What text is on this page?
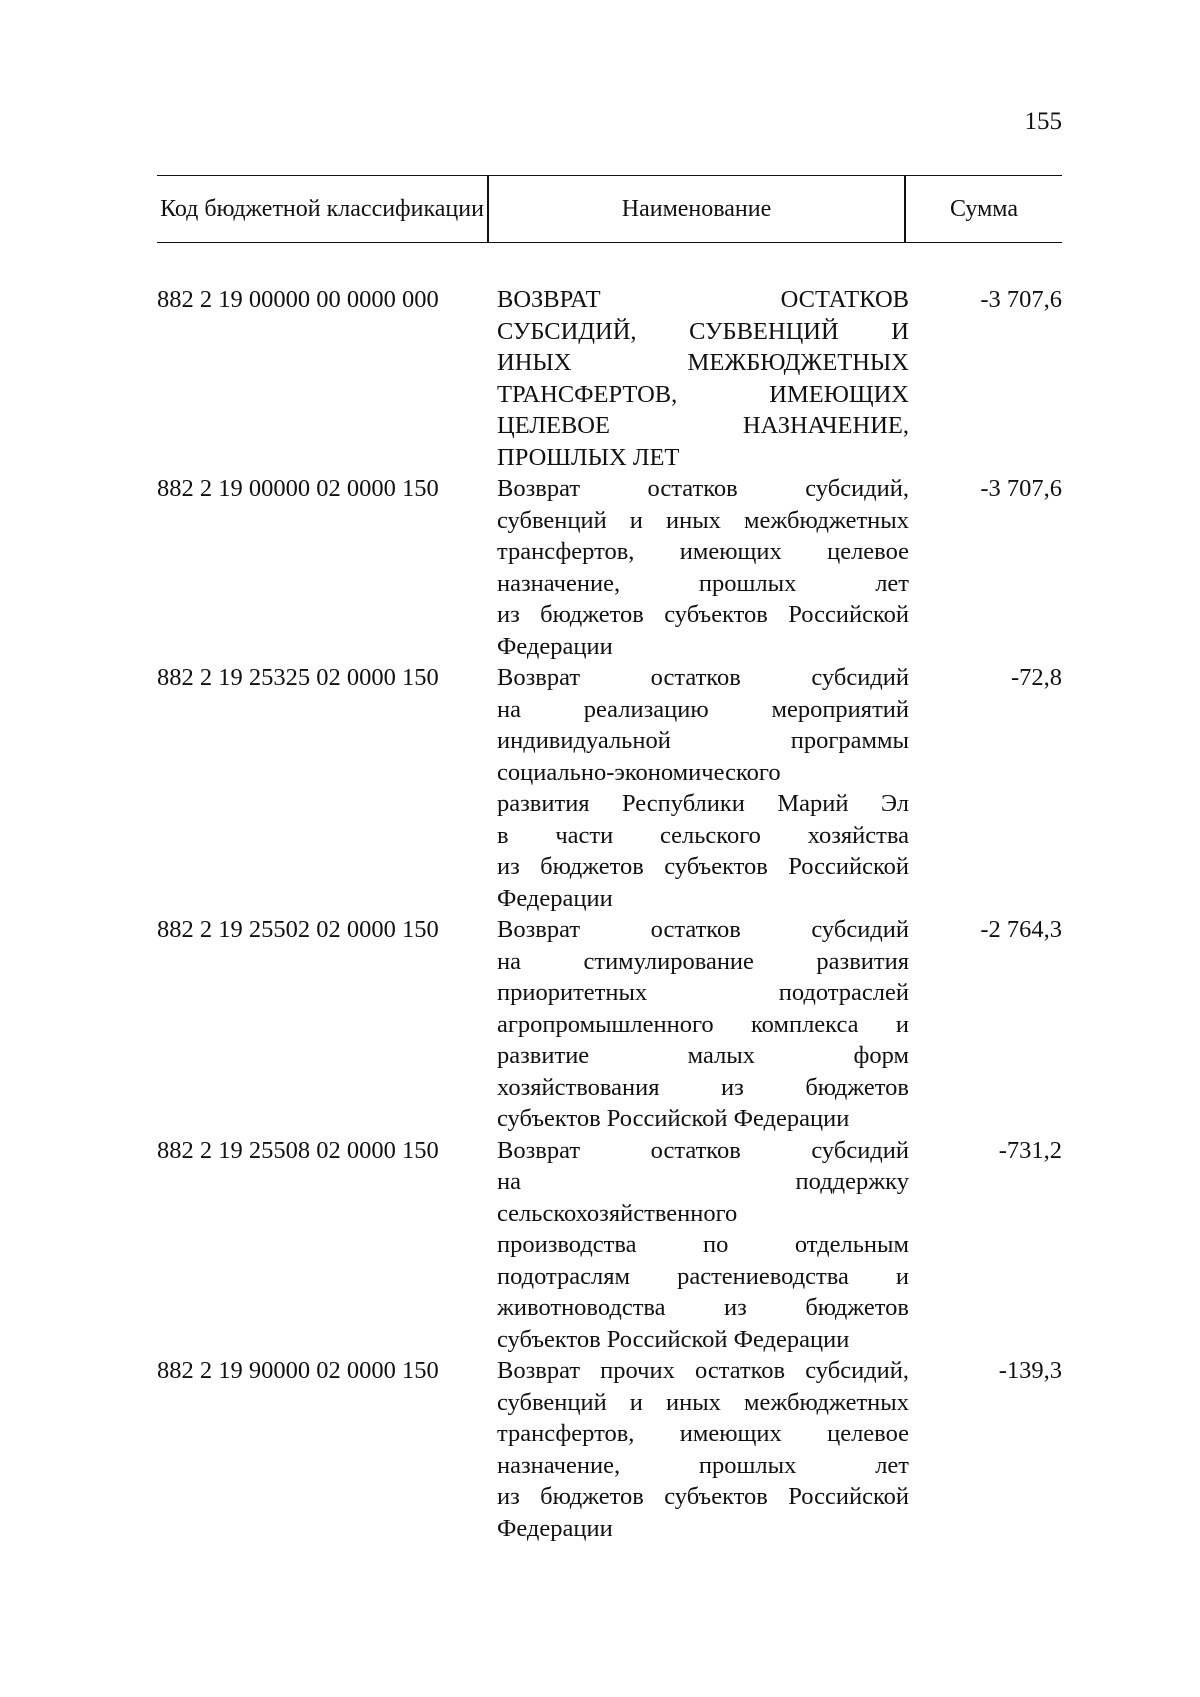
155
Код бюджетной классификации	Наименование	Сумма
882 2 19 00000 00 0000 000 ВОЗВРАТ ОСТАТКОВ
СУБСИДИЙ, СУБВЕНЦИЙ И
ИНЫХ МЕЖБЮДЖЕТНЫХ
ТРАНСФЕРТОВ, ИМЕЮЩИХ
ЦЕЛЕВОЕ НАЗНАЧЕНИЕ,
ПРОШЛЫХ ЛЕТ
-3 707,6
882 2 19 00000 02 0000 150 Возврат остатков субсидий,
субвенций и иных межбюджетных
трансфертов, имеющих целевое
назначение, прошлых лет
из бюджетов субъектов Российской
Федерации
-3 707,6
882 2 19 25325 02 0000 150 Возврат остатков субсидий
на реализацию мероприятий
индивидуальной программы
социально-экономического
развития Республики Марий Эл
в части сельского хозяйства
из бюджетов субъектов Российской
Федерации
-72,8
882 2 19 25502 02 0000 150 Возврат остатков субсидий
на стимулирование развития
приоритетных подотраслей
агропромышленного комплекса и
развитие малых форм
хозяйствования из бюджетов
субъектов Российской Федерации
-2 764,3
882 2 19 25508 02 0000 150 Возврат остатков субсидий
на поддержку
сельскохозяйственного
производства по отдельным
подотраслям растениеводства и
животноводства из бюджетов
субъектов Российской Федерации
-731,2
882 2 19 90000 02 0000 150 Возврат прочих остатков субсидий,
субвенций и иных межбюджетных
трансфертов, имеющих целевое
назначение, прошлых лет
из бюджетов субъектов Российской
Федерации
-139,3
